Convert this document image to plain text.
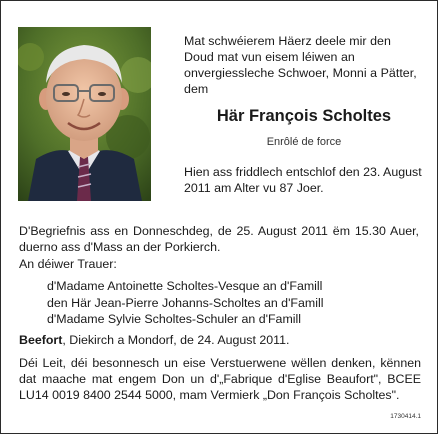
Mat schwéierem Häerz deele mir den Doud mat vun eisem léiwen an onvergiessleche Schwoer, Monni a Pätter, dem
Här François Scholtes
Enrôlé de force
Hien ass friddlech entschlof den 23. August 2011 am Alter vu 87 Joer.
D'Begriefnis ass en Donneschdeg, de 25. August 2011 ëm 15.30 Auer, duerno ass d'Mass an der Porkierch.
An déiwer Trauer:
d'Madame Antoinette Scholtes-Vesque an d'Famill
den Här Jean-Pierre Johanns-Scholtes an d'Famill
d'Madame Sylvie Scholtes-Schuler an d'Famill
Beefort, Diekirch a Mondorf, de 24. August 2011.
Déi Leit, déi besonnesch un eise Verstuerwene wëllen denken, kënnen dat maache mat engem Don un d'„Fabrique d'Eglise Beaufort", BCEE LU14 0019 8400 2544 5000, mam Vermierk „Don François Scholtes".
1730414.1
